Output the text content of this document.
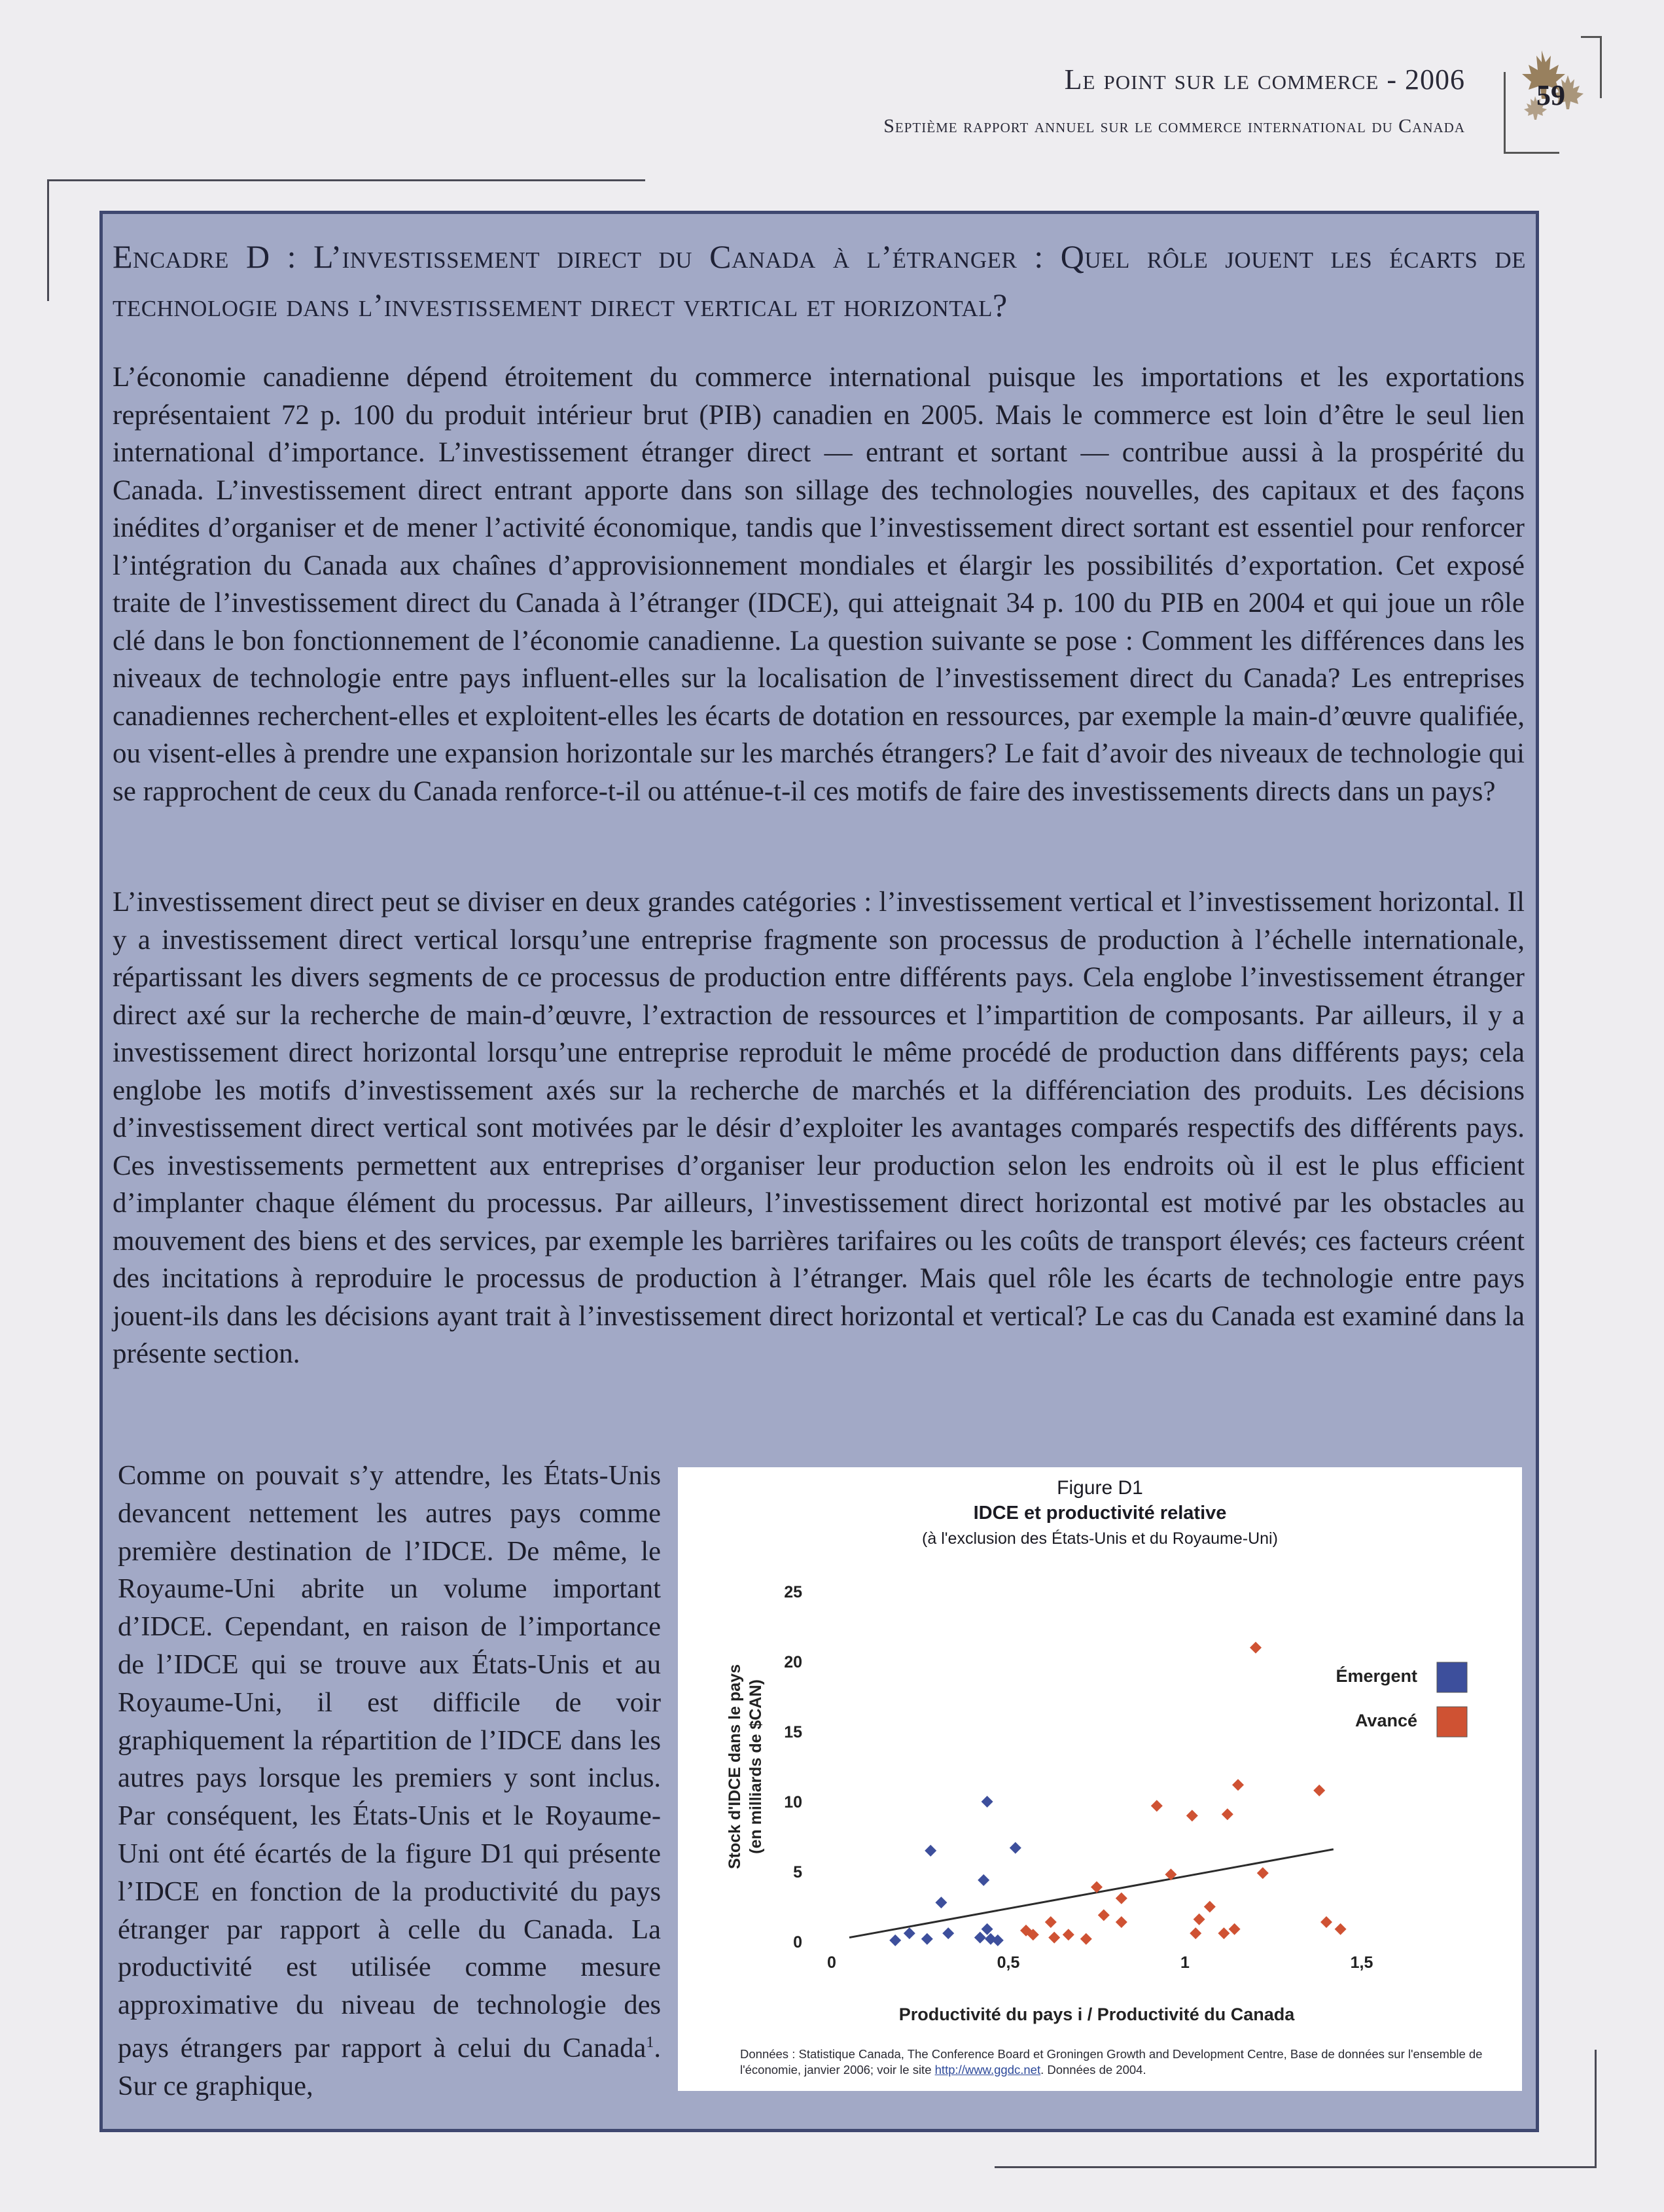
Le point sur le commerce - 2006
Septième rapport annuel sur le commerce international du Canada
59
Encadre D : L’investissement direct du Canada à l’étranger : Quel rôle jouent les écarts de technologie dans l’investissement direct vertical et horizontal?
L’économie canadienne dépend étroitement du commerce international puisque les importations et les exportations représentaient 72 p. 100 du produit intérieur brut (PIB) canadien en 2005. Mais le commerce est loin d’être le seul lien international d’importance. L’investissement étranger direct — entrant et sortant — contribue aussi à la prospérité du Canada. L’investissement direct entrant apporte dans son sillage des technologies nouvelles, des capitaux et des façons inédites d’organiser et de mener l’activité économique, tandis que l’investissement direct sortant est essentiel pour renforcer l’intégration du Canada aux chaînes d’approvisionnement mondiales et élargir les possibilités d’exportation. Cet exposé traite de l’investissement direct du Canada à l’étranger (IDCE), qui atteignait 34 p. 100 du PIB en 2004 et qui joue un rôle clé dans le bon fonctionnement de l’économie canadienne. La question suivante se pose : Comment les différences dans les niveaux de technologie entre pays influent-elles sur la localisation de l’investissement direct du Canada? Les entreprises canadiennes recherchent-elles et exploitent-elles les écarts de dotation en ressources, par exemple la main-d’œuvre qualifiée, ou visent-elles à prendre une expansion horizontale sur les marchés étrangers? Le fait d’avoir des niveaux de technologie qui se rapprochent de ceux du Canada renforce-t-il ou atténue-t-il ces motifs de faire des investissements directs dans un pays?
L’investissement direct peut se diviser en deux grandes catégories : l’investissement vertical et l’investissement horizontal. Il y a investissement direct vertical lorsqu’une entreprise fragmente son processus de production à l’échelle internationale, répartissant les divers segments de ce processus de production entre différents pays. Cela englobe l’investissement étranger direct axé sur la recherche de main-d’œuvre, l’extraction de ressources et l’impartition de composants. Par ailleurs, il y a investissement direct horizontal lorsqu’une entreprise reproduit le même procédé de production dans différents pays; cela englobe les motifs d’investissement axés sur la recherche de marchés et la différenciation des produits. Les décisions d’investissement direct vertical sont motivées par le désir d’exploiter les avantages comparés respectifs des différents pays. Ces investissements permettent aux entreprises d’organiser leur production selon les endroits où il est le plus efficient d’implanter chaque élément du processus. Par ailleurs, l’investissement direct horizontal est motivé par les obstacles au mouvement des biens et des services, par exemple les barrières tarifaires ou les coûts de transport élevés; ces facteurs créent des incitations à reproduire le processus de production à l’étranger. Mais quel rôle les écarts de technologie entre pays jouent-ils dans les décisions ayant trait à l’investissement direct horizontal et vertical? Le cas du Canada est examiné dans la présente section.
Comme on pouvait s’y attendre, les États-Unis devancent nettement les autres pays comme première destination de l’IDCE. De même, le Royaume-Uni abrite un volume important d’IDCE. Cependant, en raison de l’importance de l’IDCE qui se trouve aux États-Unis et au Royaume-Uni, il est difficile de voir graphiquement la répartition de l’IDCE dans les autres pays lorsque les premiers y sont inclus. Par conséquent, les États-Unis et le Royaume-Uni ont été écartés de la figure D1 qui présente l’IDCE en fonction de la productivité du pays étranger par rapport à celle du Canada. La productivité est utilisée comme mesure approximative du niveau de technologie des pays étrangers par rapport à celui du Canada$^1$. Sur ce graphique,
Figure D1
IDCE et productivité relative
(à l'exclusion des États-Unis et du Royaume-Uni)
0
5
10
15
20
25
0	0,5	1	1,5
Stock d'IDCE dans le pays (en milliards de $CAN)
Productivité du pays i / Productivité du Canada
Émergent
Avancé
Données : Statistique Canada, The Conference Board et Groningen Growth and Development Centre, Base de données sur l'ensemble de l'économie, janvier 2006; voir le site http://www.ggdc.net. Données de 2004.
